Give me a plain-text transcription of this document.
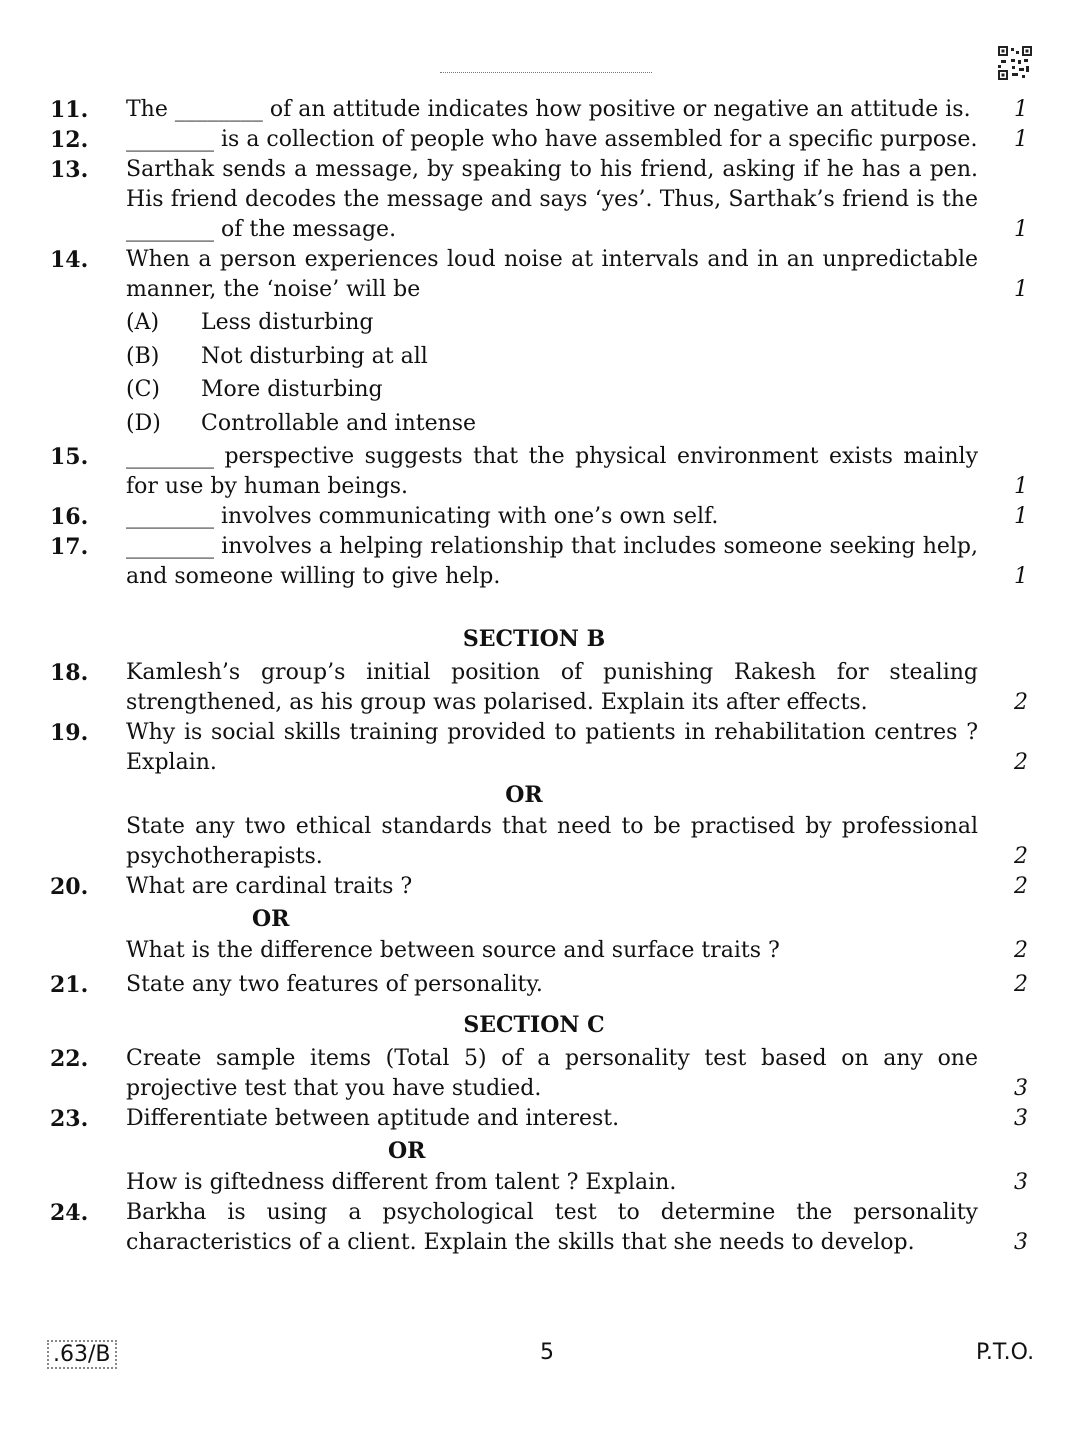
11.	The ________ of an attitude indicates how positive or negative an attitude is.	1
12.	________ is a collection of people who have assembled for a specific purpose.	1
13.	Sarthak sends a message, by speaking to his friend, asking if he has a pen. His friend decodes the message and says ‘yes’. Thus, Sarthak’s friend is the ________ of the message.	1
14.	When a person experiences loud noise at intervals and in an unpredictable manner, the ‘noise’ will be	1
(A)	Less disturbing
(B)	Not disturbing at all
(C)	More disturbing
(D)	Controllable and intense
15.	________ perspective suggests that the physical environment exists mainly for use by human beings.	1
16.	________ involves communicating with one’s own self.	1
17.	________ involves a helping relationship that includes someone seeking help, and someone willing to give help.	1
SECTION B
18.	Kamlesh’s group’s initial position of punishing Rakesh for stealing strengthened, as his group was polarised. Explain its after effects.	2
19.	Why is social skills training provided to patients in rehabilitation centres ? Explain.	2
OR
State any two ethical standards that need to be practised by professional psychotherapists.	2
20.	What are cardinal traits ?	2
OR
What is the difference between source and surface traits ?	2
21.	State any two features of personality.	2
SECTION C
22.	Create sample items (Total 5) of a personality test based on any one projective test that you have studied.	3
23.	Differentiate between aptitude and interest.	3
OR
How is giftedness different from talent ? Explain.	3
24.	Barkha is using a psychological test to determine the personality characteristics of a client. Explain the skills that she needs to develop.	3
.63/B	5	P.T.O.
